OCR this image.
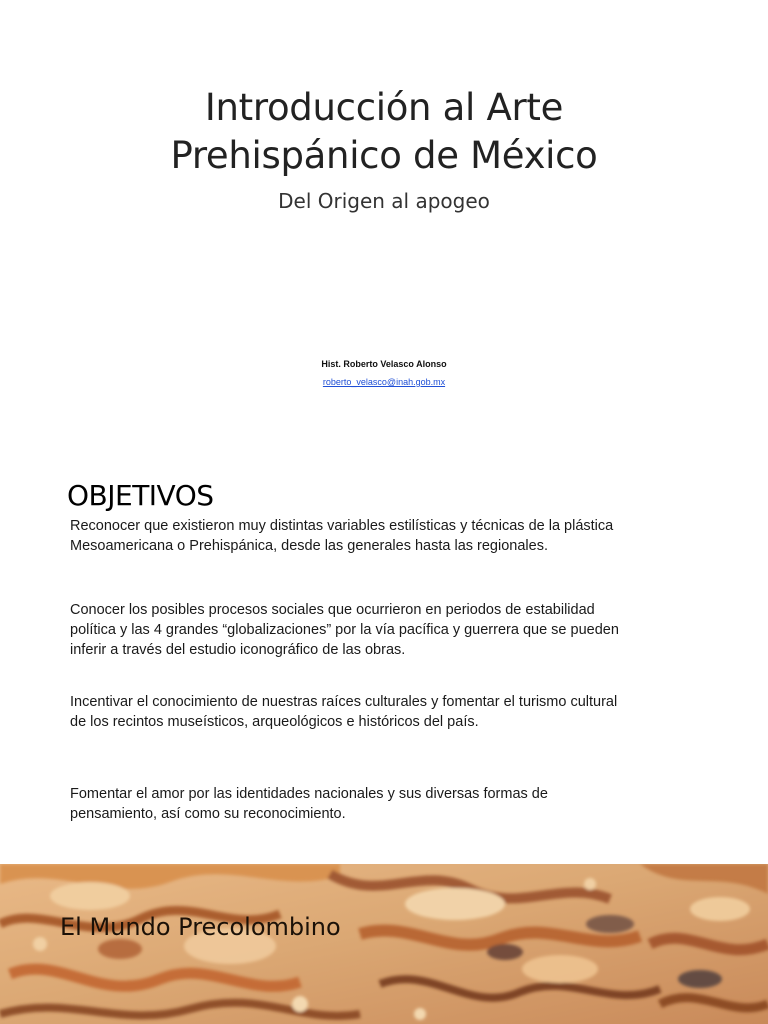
Introducción al Arte
Prehispánico de México

Del Origen al apogeo

Hist. Roberto Velasco Alonso
roberto_velasco@inah.gob.mx
OBJETIVOS

Reconocer que existieron muy distintas variables estilísticas y técnicas de la plástica Mesoamericana o Prehispánica, desde las generales hasta las regionales.

Conocer los posibles procesos sociales que ocurrieron en periodos de estabilidad política y las 4 grandes “globalizaciones” por la vía pacífica y guerrera que se pueden inferir a través del estudio iconográfico de las obras.

Incentivar el conocimiento de nuestras raíces culturales y fomentar el turismo cultural de los recintos museísticos, arqueológicos e históricos del país.

Fomentar el amor por las identidades nacionales y sus diversas formas de pensamiento, así como su reconocimiento.

El Mundo Precolombino
